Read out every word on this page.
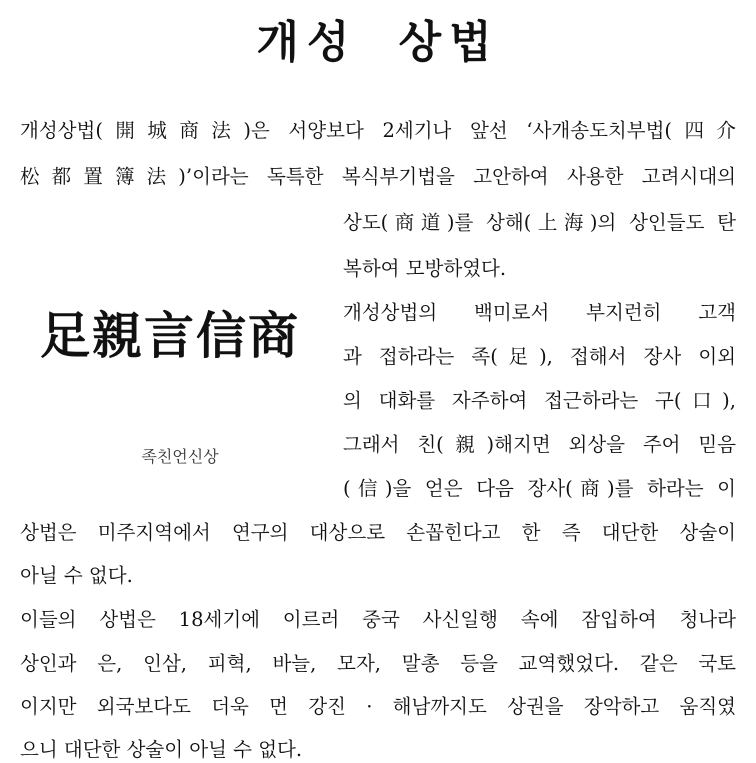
개성 상법
개성상법(開城商法)은 서양보다 2세기나 앞선 ‘사개송도치부법(四介
松都置簿法)’이라는 독특한 복식부기법을 고안하여 사용한 고려시대의
상도(商道)를 상해(上海)의 상인들도 탄
복하여 모방하였다.
개성상법의 백미로서 부지런히 고객
과 접하라는 족(足), 접해서 장사 이외
의 대화를 자주하여 접근하라는 구(口),
그래서 친(親)해지면 외상을 주어 믿음
(信)을 얻은 다음 장사(商)를 하라는 이
상법은 미주지역에서 연구의 대상으로 손꼽힌다고 한 즉 대단한 상술이
아닐 수 없다.
이들의 상법은 18세기에 이르러 중국 사신일행 속에 잠입하여 청나라
상인과 은, 인삼, 피혁, 바늘, 모자, 말총 등을 교역했었다. 같은 국토
이지만 외국보다도 더욱 먼 강진 · 해남까지도 상권을 장악하고 움직였
으니 대단한 상술이 아닐 수 없다.
足親言信商
족친언신상
